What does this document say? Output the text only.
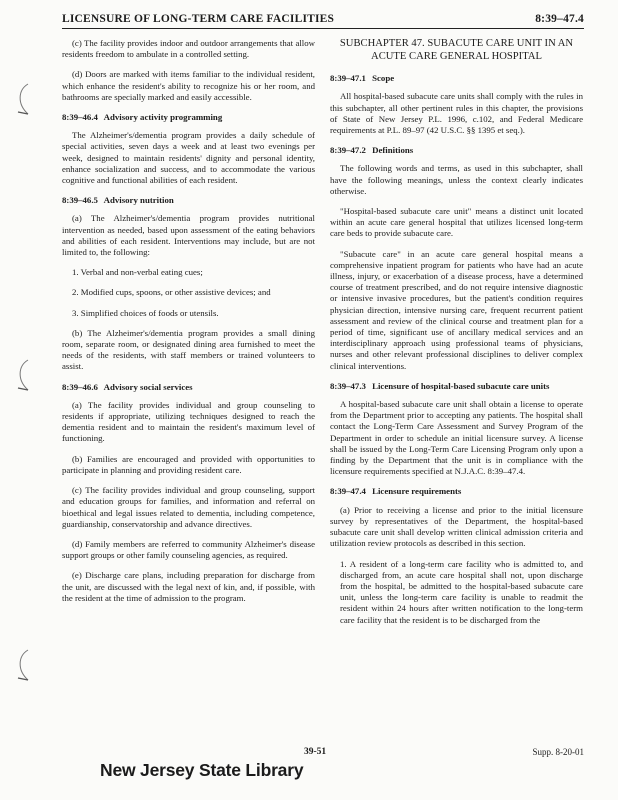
LICENSURE OF LONG-TERM CARE FACILITIES	8:39–47.4

(c) The facility provides indoor and outdoor arrangements that allow residents freedom to ambulate in a controlled setting.

(d) Doors are marked with items familiar to the individual resident, which enhance the resident's ability to recognize his or her room, and bathrooms are specially marked and easily accessible.

8:39–46.4 Advisory activity programming

The Alzheimer's/dementia program provides a daily schedule of special activities, seven days a week and at least two evenings per week, designed to maintain residents' dignity and personal identity, enhance socialization and success, and to accommodate the various cognitive and functional abilities of each resident.

8:39–46.5 Advisory nutrition

(a) The Alzheimer's/dementia program provides nutritional intervention as needed, based upon assessment of the eating behaviors and abilities of each resident. Interventions may include, but are not limited to, the following:

1. Verbal and non-verbal eating cues;

2. Modified cups, spoons, or other assistive devices; and

3. Simplified choices of foods or utensils.

(b) The Alzheimer's/dementia program provides a small dining room, separate room, or designated dining area furnished to meet the needs of the residents, with staff members or trained volunteers to assist.

8:39–46.6 Advisory social services

(a) The facility provides individual and group counseling to residents if appropriate, utilizing techniques designed to reach the dementia resident and to maintain the resident's maximum level of functioning.

(b) Families are encouraged and provided with opportunities to participate in planning and providing resident care.

(c) The facility provides individual and group counseling, support and education groups for families, and information and referral on bioethical and legal issues related to dementia, including competence, guardianship, conservatorship and advance directives.

(d) Family members are referred to community Alzheimer's disease support groups or other family counseling agencies, as required.

(e) Discharge care plans, including preparation for discharge from the unit, are discussed with the legal next of kin, and, if possible, with the resident at the time of admission to the program.

SUBCHAPTER 47. SUBACUTE CARE UNIT IN AN
ACUTE CARE GENERAL HOSPITAL
8:39–47.1 Scope

All hospital-based subacute care units shall comply with the rules in this subchapter, all other pertinent rules in this chapter, the provisions of State of New Jersey P.L. 1996, c.102, and Federal Medicare requirements at P.L. 89–97 (42 U.S.C. §§ 1395 et seq.).

8:39–47.2 Definitions

The following words and terms, as used in this subchapter, shall have the following meanings, unless the context clearly indicates otherwise.

"Hospital-based subacute care unit" means a distinct unit located within an acute care general hospital that utilizes licensed long-term care beds to provide subacute care.

"Subacute care" in an acute care general hospital means a comprehensive inpatient program for patients who have had an acute illness, injury, or exacerbation of a disease process, have a determined course of treatment prescribed, and do not require intensive diagnostic or intensive invasive procedures, but the patient's condition requires physician direction, intensive nursing care, frequent recurrent patient assessment and review of the clinical course and treatment plan for a period of time, significant use of ancillary medical services and an interdisciplinary approach using professional teams of physicians, nurses and other relevant professional disciplines to deliver complex clinical interventions.

8:39–47.3 Licensure of hospital-based subacute care units

A hospital-based subacute care unit shall obtain a license to operate from the Department prior to accepting any patients. The hospital shall contact the Long-Term Care Assessment and Survey Program of the Department in order to schedule an initial licensure survey. A license shall be issued by the Long-Term Care Licensing Program only upon a finding by the Department that the unit is in compliance with the licensure requirements specified at N.J.A.C. 8:39–47.4.

8:39–47.4 Licensure requirements

(a) Prior to receiving a license and prior to the initial licensure survey by representatives of the Department, the hospital-based subacute care unit shall develop written clinical admission criteria and utilization review protocols as described in this section.

1. A resident of a long-term care facility who is admitted to, and discharged from, an acute care hospital shall not, upon discharge from the hospital, be admitted to the hospital-based subacute care unit, unless the long-term care facility is unable to readmit the resident within 24 hours after written notification to the long-term care facility that the resident is to be discharged from the

39-51	Supp. 8-20-01
New Jersey State Library
